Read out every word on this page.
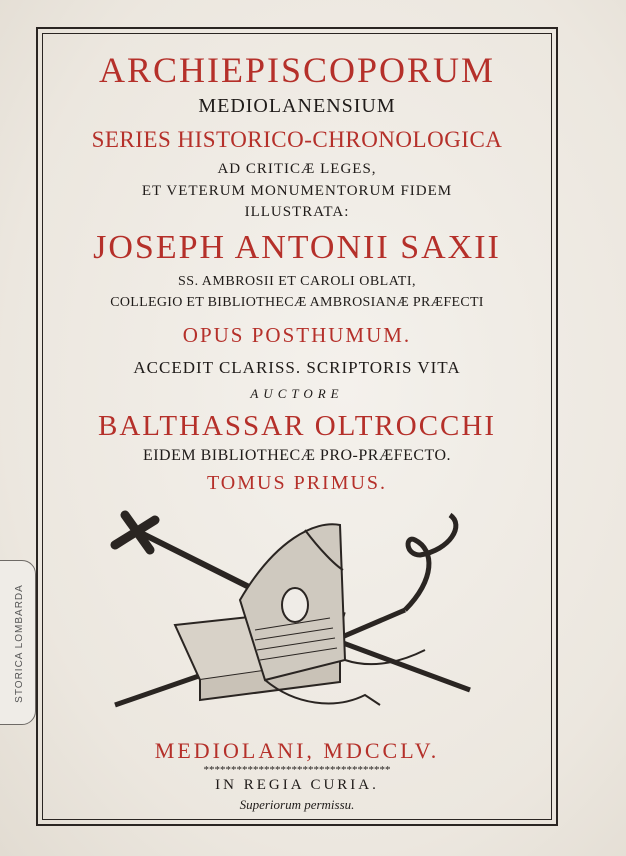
ARCHIEPISCOPORUM

MEDIOLANENSIUM

SERIES HISTORICO-CHRONOLOGICA

AD CRITICÆ LEGES,

ET VETERUM MONUMENTORUM FIDEM

ILLUSTRATA:

JOSEPH ANTONII SAXII

SS. AMBROSII ET CAROLI OBLATI,

COLLEGIO ET BIBLIOTHECÆ AMBROSIANÆ PRÆFECTI

OPUS POSTHUMUM.

ACCEDIT CLARISS. SCRIPTORIS VITA

AUCTORE

BALTHASSAR OLTROCCHI

EIDEM BIBLIOTHECÆ PRO-PRÆFECTO.

TOMUS PRIMUS.

MEDIOLANI, MDCCLV.

**********************************

IN REGIA CURIA.

Superiorum permissu.

STORICA LOMBARDA
